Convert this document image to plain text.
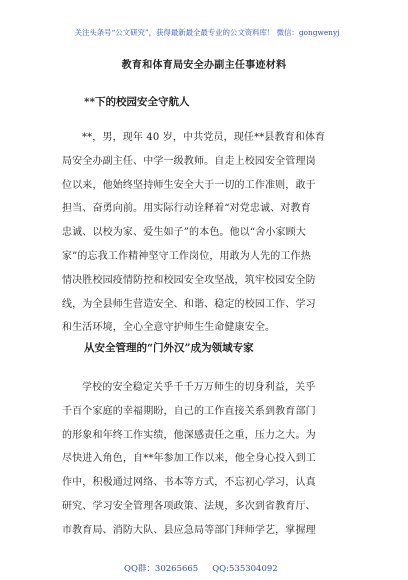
关注头条号“公文研究”，获得最新最全最专业的公文资料库！ 微信：gongwenyj
教育和体育局安全办副主任事迹材料
**下的校园安全守航人
**，男，现年 40 岁，中共党员，现任**县教育和体育
局安全办副主任、中学一级教师。自走上校园安全管理岗
位以来，他始终坚持师生安全大于一切的工作准则，敢于
担当、奋勇向前。用实际行动诠释着“对党忠诚、对教育
忠诚、以校为家、爱生如子”的本色。他以“舍小家顾大
家”的忘我工作精神坚守工作岗位，用敢为人先的工作热
情决胜校园疫情防控和校园安全攻坚战，筑牢校园安全防
线，为全县师生营造安全、和谐、稳定的校园工作、学习
和生活环境，全心全意守护师生生命健康安全。
从安全管理的“门外汉”成为领域专家
学校的安全稳定关乎千千万万师生的切身利益，关乎
千百个家庭的幸福期盼，自己的工作直接关系到教育部门
的形象和年终工作实绩，他深感责任之重，压力之大。为
尽快进入角色，自**年参加工作以来，他全身心投入到工
作中，积极通过网络、书本等方式，不忘初心学习，认真
研究、学习安全管理各项政策、法规，多次到省教育厅、
市教育局、消防大队、县应急局等部门拜师学艺，掌握理
QQ群：30265665 QQ:535304092
